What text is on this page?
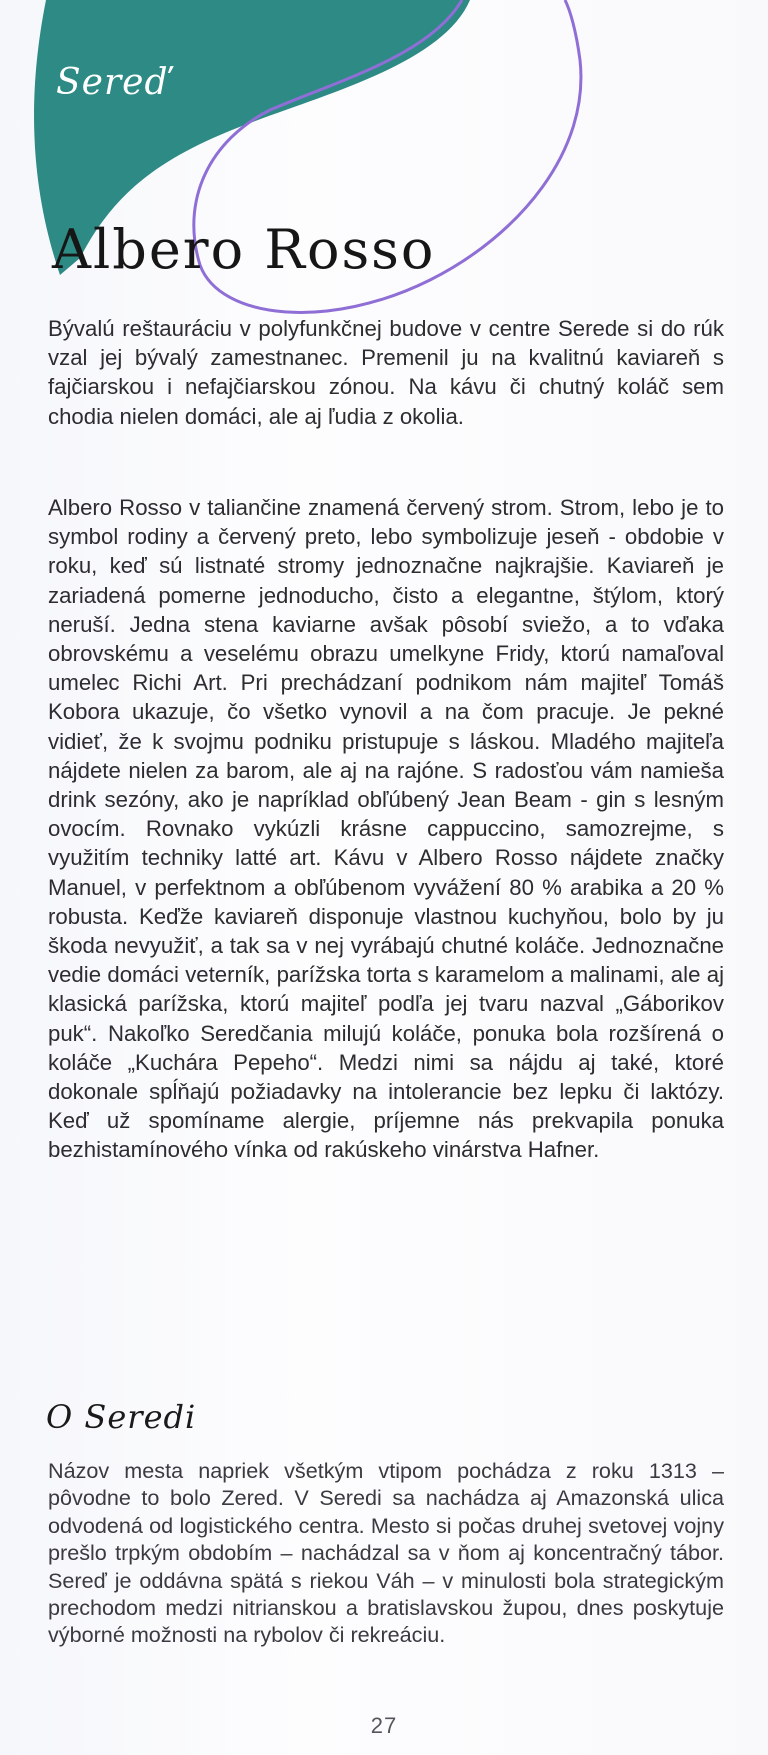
Sereď
Albero Rosso

Bývalú reštauráciu v polyfunkčnej budove v centre Serede si do rúk vzal jej bývalý zamestnanec. Premenil ju na kvalitnú kaviareň s fajčiarskou i nefajčiarskou zónou. Na kávu či chutný koláč sem chodia nielen domáci, ale aj ľudia z okolia.

Albero Rosso v taliančine znamená červený strom. Strom, lebo je to symbol rodiny a červený preto, lebo symbolizuje jeseň - obdobie v roku, keď sú listnaté stromy jednoznačne najkrajšie. Kaviareň je zariadená pomerne jednoducho, čisto a elegantne, štýlom, ktorý neruší. Jedna stena kaviarne avšak pôsobí sviežo, a to vďaka obrovskému a veselému obrazu umelkyne Fridy, ktorú namaľoval umelec Richi Art. Pri prechádzaní podnikom nám majiteľ Tomáš Kobora ukazuje, čo všetko vynovil a na čom pracuje. Je pekné vidieť, že k svojmu podniku pristupuje s láskou. Mladého majiteľa nájdete nielen za barom, ale aj na rajóne. S radosťou vám namieša drink sezóny, ako je napríklad obľúbený Jean Beam - gin s lesným ovocím. Rovnako vykúzli krásne cappuccino, samozrejme, s využitím techniky latté art. Kávu v Albero Rosso nájdete značky Manuel, v perfektnom a obľúbenom vyvážení 80 % arabika a 20 % robusta. Keďže kaviareň disponuje vlastnou kuchyňou, bolo by ju škoda nevyužiť, a tak sa v nej vyrábajú chutné koláče. Jednoznačne vedie domáci veterník, parížska torta s karamelom a malinami, ale aj klasická parížska, ktorú majiteľ podľa jej tvaru nazval „Gáborikov puk“. Nakoľko Seredčania milujú koláče, ponuka bola rozšírená o koláče „Kuchára Pepeho“. Medzi nimi sa nájdu aj také, ktoré dokonale spĺňajú požiadavky na intolerancie bez lepku či laktózy. Keď už spomíname alergie, príjemne nás prekvapila ponuka bezhistamínového vínka od rakúskeho vinárstva Hafner.

O Seredi

Názov mesta napriek všetkým vtipom pochádza z roku 1313 – pôvodne to bolo Zered. V Seredi sa nachádza aj Amazonská ulica odvodená od logistického centra. Mesto si počas druhej svetovej vojny prešlo trpkým obdobím – nachádzal sa v ňom aj koncentračný tábor. Sereď je oddávna spätá s riekou Váh – v minulosti bola strategickým prechodom medzi nitrianskou a bratislavskou župou, dnes poskytuje výborné možnosti na rybolov či rekreáciu.

27
